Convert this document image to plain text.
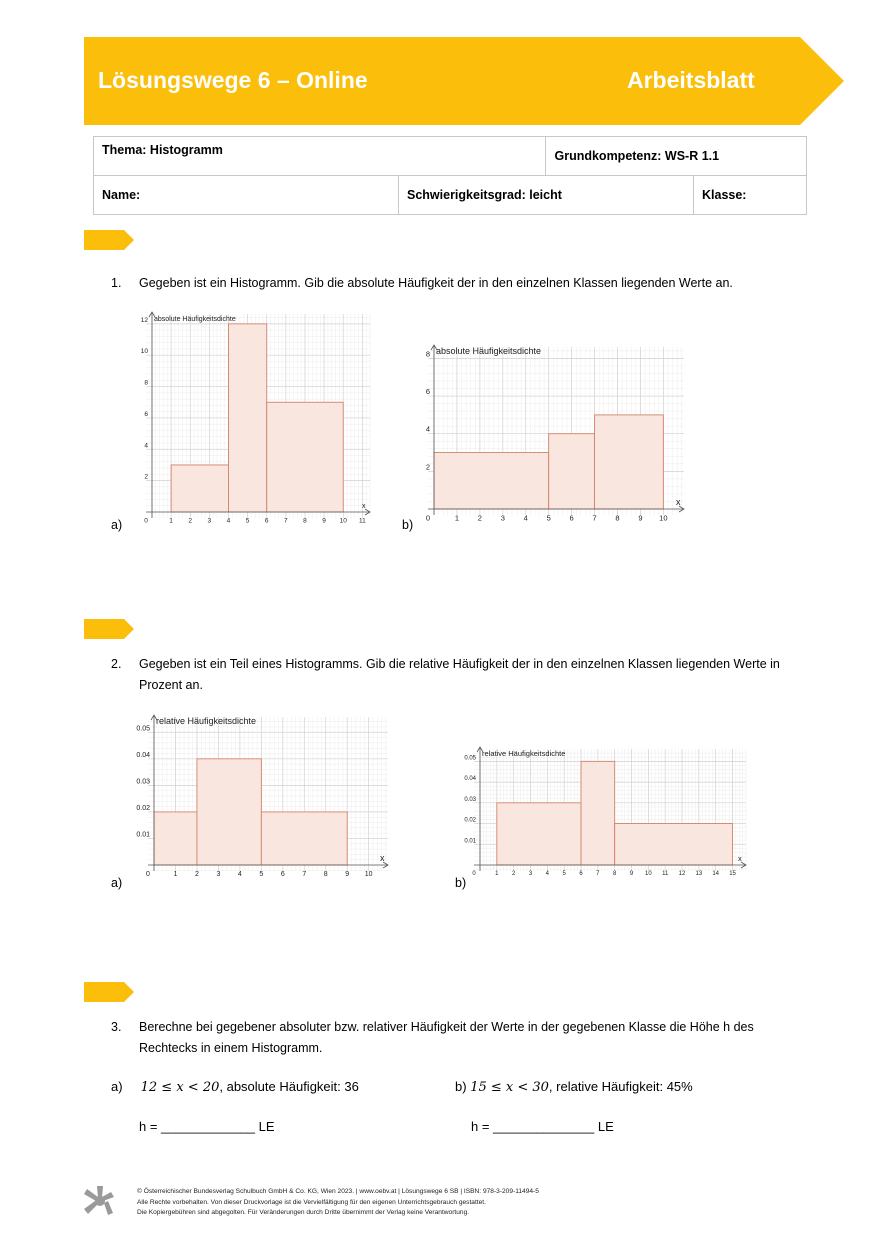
Lösungswege 6 – Online	Arbeitsblatt
Thema: Histogramm		Grundkompetenz: WS-R 1.1	
Name:	Schwierigkeitsgrad: leicht		Klasse:
1. Gegeben ist ein Histogramm. Gib die absolute Häufigkeit der in den einzelnen Klassen liegenden Werte an.
0	1 2 3 4 5 6 7 8 9 10 11
2
4
6
8
10
12 absolute Häufigkeitsdichte
x
a)	0	1	2	3	4	5	6	7	8	9 10
2
4
6
8 absolute Häufigkeitsdichte
x
b)
2. Gegeben ist ein Teil eines Histogramms. Gib die relative Häufigkeit der in den einzelnen Klassen liegenden Werte in Prozent an.
0	1	2	3	4	5	6	7	8	9 10
0.01
0.02
0.03
0.04
0.05
relative Häufigkeitsdichte
x
a)
0	1 2 3 4 5 6 7 8 9 10 11 12 13 14 15
0.01
0.02
0.03
0.04
0.05
relative Häufigkeitsdichte
x
b)
3. Berechne bei gegebener absoluter bzw. relativer Häufigkeit der Werte in der gegebenen Klasse die Höhe h des Rechtecks in einem Histogramm.
a) 12 ≤ x < 20, absolute Häufigkeit: 36	b) 15 ≤ x < 30, relative Häufigkeit: 45%
h = _____________ LE	h = ______________ LE
© Österreichischer Bundesverlag Schulbuch GmbH & Co. KG, Wien 2023. | www.oebv.at | Lösungswege 6 SB | ISBN: 978-3-209-11494-5
Alle Rechte vorbehalten. Von dieser Druckvorlage ist die Vervielfältigung für den eigenen Unterrichtsgebrauch gestattet.
Die Kopiergebühren sind abgegolten. Für Veränderungen durch Dritte übernimmt der Verlag keine Verantwortung.
